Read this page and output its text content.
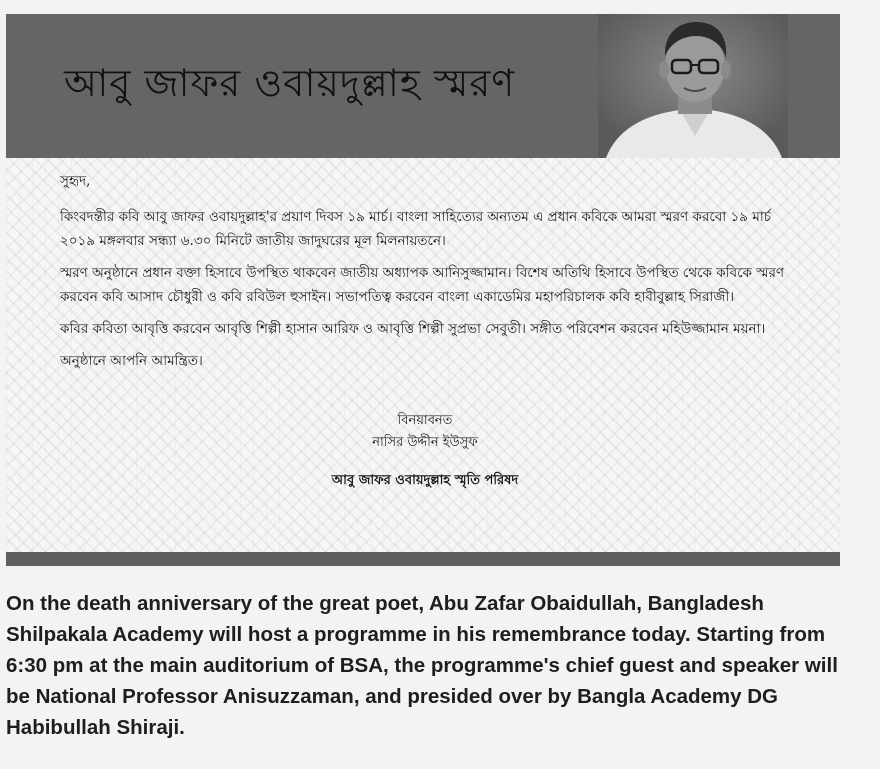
আবু জাফর ওবায়দুল্লাহ স্মরণ

সুহৃদ,

কিংবদন্তীর কবি আবু জাফর ওবায়দুল্লাহ'র প্রয়াণ দিবস ১৯ মার্চ। বাংলা সাহিত্যের অন্যতম এ প্রধান কবিকে আমরা স্মরণ করবো ১৯ মার্চ ২০১৯ মঙ্গলবার সন্ধ্যা ৬.৩০ মিনিটে জাতীয় জাদুঘরের মূল মিলনায়তনে।

স্মরণ অনুষ্ঠানে প্রধান বক্তা হিসাবে উপস্থিত থাকবেন জাতীয় অধ্যাপক আনিসুজ্জামান। বিশেষ অতিথি হিসাবে উপস্থিত থেকে কবিকে স্মরণ করবেন কবি আসাদ চৌধুরী ও কবি রবিউল হুসাইন। সভাপতিত্ব করবেন বাংলা একাডেমির মহাপরিচালক কবি হাবীবুল্লাহ সিরাজী।

কবির কবিতা আবৃত্তি করবেন আবৃত্তি শিল্পী হাসান আরিফ ও আবৃত্তি শিল্পী সুপ্রভা সেবুতী। সঙ্গীত পরিবেশন করবেন মহিউজ্জামান ময়না।

অনুষ্ঠানে আপনি আমন্ত্রিত।

বিনয়াবনত
নাসির উদ্দীন ইউসুফ
আবু জাফর ওবায়দুল্লাহ স্মৃতি পরিষদ

On the death anniversary of the great poet, Abu Zafar Obaidullah, Bangladesh Shilpakala Academy will host a programme in his remembrance today. Starting from 6:30 pm at the main auditorium of BSA, the programme's chief guest and speaker will be National Professor Anisuzzaman, and presided over by Bangla Academy DG Habibullah Shiraji.
